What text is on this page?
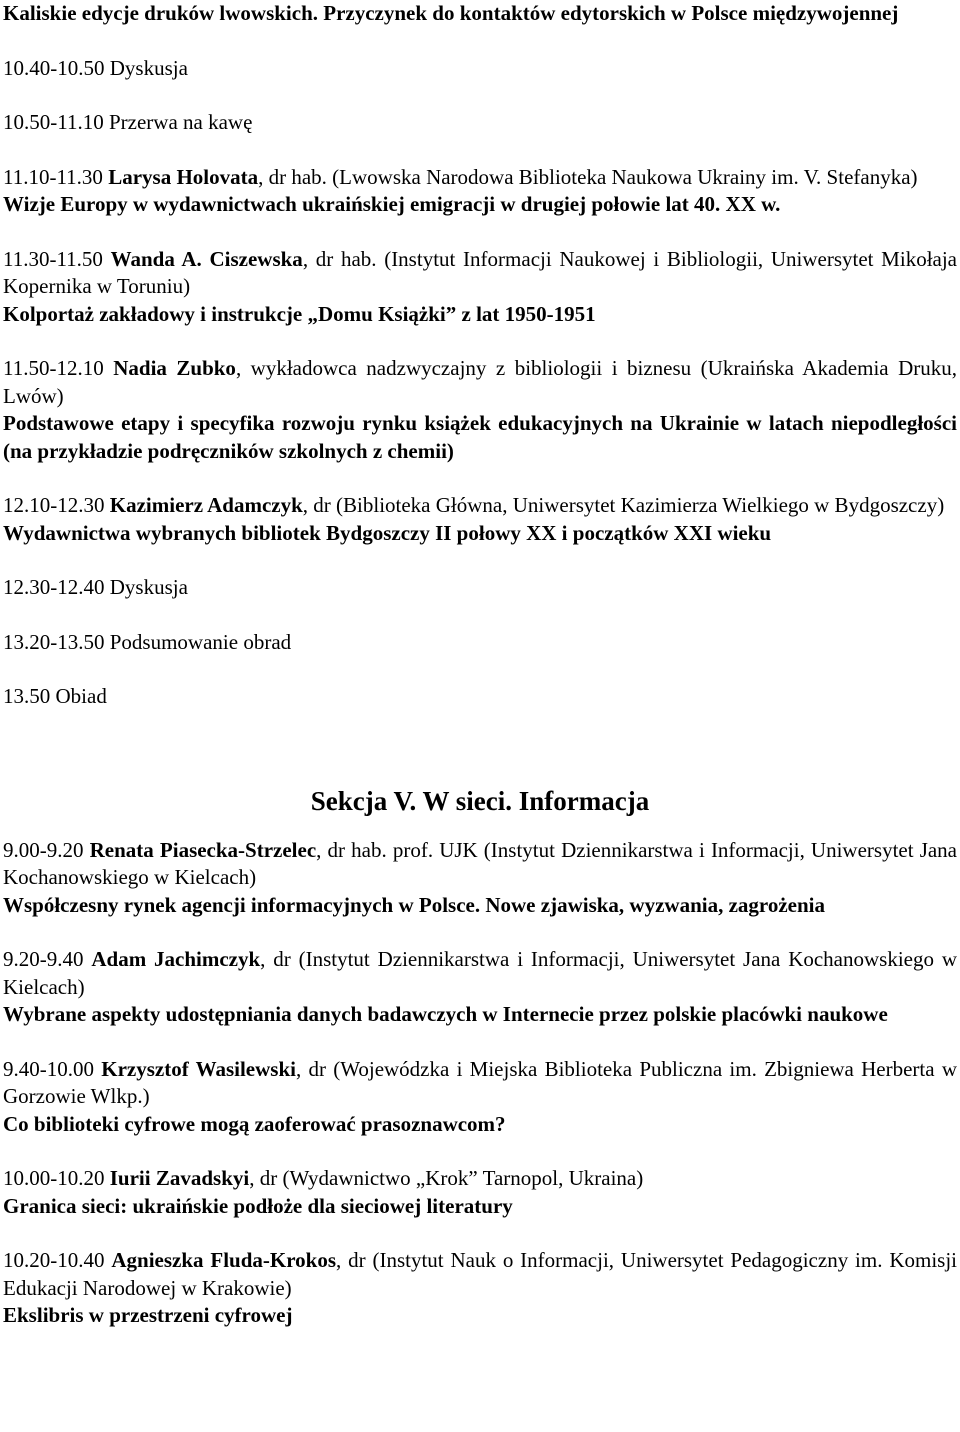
Kaliskie edycje druków lwowskich. Przyczynek do kontaktów edytorskich w Polsce międzywojennej

10.40-10.50 Dyskusja

10.50-11.10 Przerwa na kawę

11.10-11.30 Larysa Holovata, dr hab. (Lwowska Narodowa Biblioteka Naukowa Ukrainy im. V. Stefanyka)

Wizje Europy w wydawnictwach ukraińskiej emigracji w drugiej połowie lat 40. XX w.

11.30-11.50 Wanda A. Ciszewska, dr hab. (Instytut Informacji Naukowej i Bibliologii, Uniwersytet Mikołaja Kopernika w Toruniu)

Kolportaż zakładowy i instrukcje „Domu Książki” z lat 1950-1951

11.50-12.10 Nadia Zubko, wykładowca nadzwyczajny z bibliologii i biznesu (Ukraińska Akademia Druku, Lwów)

Podstawowe etapy i specyfika rozwoju rynku książek edukacyjnych na Ukrainie w latach niepodległości (na przykładzie podręczników szkolnych z chemii)

12.10-12.30 Kazimierz Adamczyk, dr (Biblioteka Główna, Uniwersytet Kazimierza Wielkiego w Bydgoszczy)

Wydawnictwa wybranych bibliotek Bydgoszczy II połowy XX i początków XXI wieku

12.30-12.40 Dyskusja

13.20-13.50 Podsumowanie obrad

13.50 Obiad

Sekcja V. W sieci. Informacja

9.00-9.20 Renata Piasecka-Strzelec, dr hab. prof. UJK (Instytut Dziennikarstwa i Informacji, Uniwersytet Jana Kochanowskiego w Kielcach)

Współczesny rynek agencji informacyjnych w Polsce. Nowe zjawiska, wyzwania, zagrożenia

9.20-9.40 Adam Jachimczyk, dr (Instytut Dziennikarstwa i Informacji, Uniwersytet Jana Kochanowskiego w Kielcach)

Wybrane aspekty udostępniania danych badawczych w Internecie przez polskie placówki naukowe

9.40-10.00 Krzysztof Wasilewski, dr (Wojewódzka i Miejska Biblioteka Publiczna im. Zbigniewa Herberta w Gorzowie Wlkp.)

Co biblioteki cyfrowe mogą zaoferować prasoznawcom?

10.00-10.20 Iurii Zavadskyi, dr (Wydawnictwo „Krok” Tarnopol, Ukraina)

Granica sieci: ukraińskie podłoże dla sieciowej literatury

10.20-10.40 Agnieszka Fluda-Krokos, dr (Instytut Nauk o Informacji, Uniwersytet Pedagogiczny im. Komisji Edukacji Narodowej w Krakowie)

Ekslibris w przestrzeni cyfrowej
